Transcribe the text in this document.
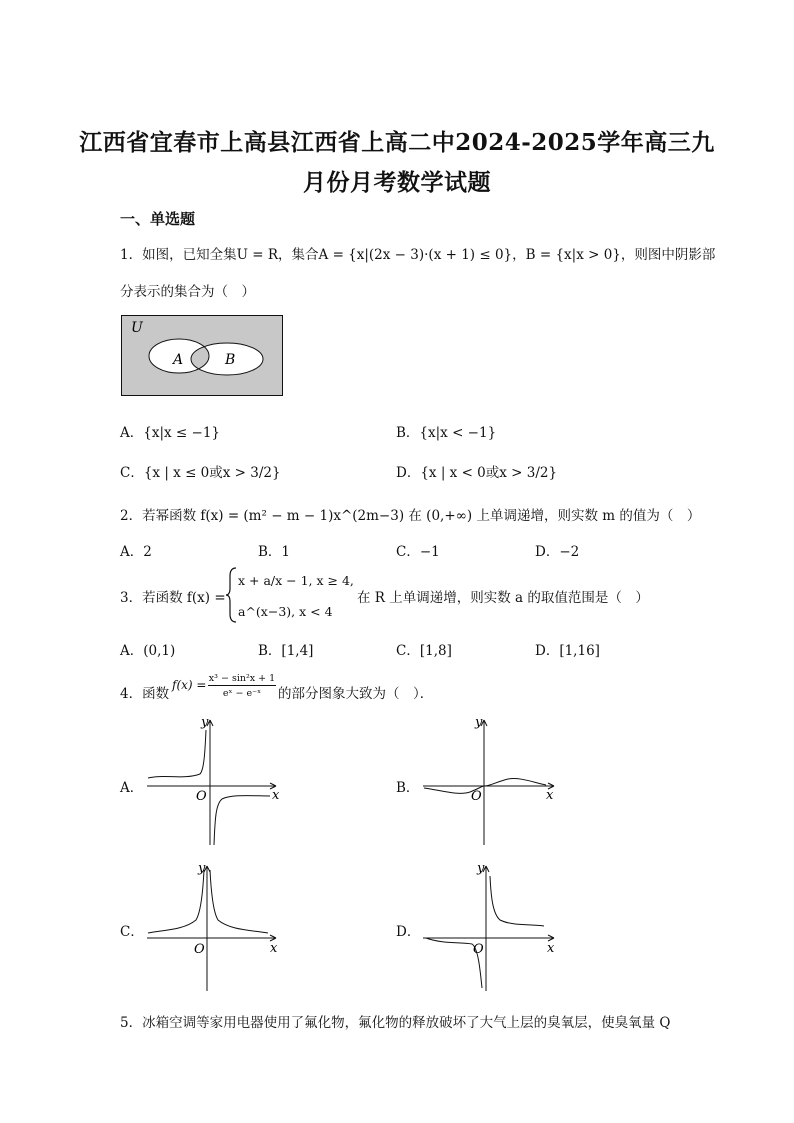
江西省宜春市上高县江西省上高二中2024-2025学年高三九
月份月考数学试题
一、单选题
1．如图，已知全集U = R，集合A = {x|(2x − 3)·(x + 1) ≤ 0}，B = {x|x > 0}，则图中阴影部
分表示的集合为（　）
U
A	B
A．{x|x ≤ −1}	B．{x|x < −1}
C．{x | x ≤ 0或x > 3/2}	D．{x | x < 0或x > 3/2}
2．若幂函数 f(x) = (m² − m − 1)x^(2m−3) 在 (0,+∞) 上单调递增，则实数 m 的值为（　）
A．2	B．1	C．−1	D．−2
3．若函数 f(x) =
x + a/x − 1, x ≥ 4,
a^(x−3), x < 4
在 R 上单调递增，则实数 a 的取值范围是（　）
A．(0,1)	B．[1,4]	C．[1,8]	D．[1,16]
4．函数
f(x) = x³ − sin²x + 1
eˣ − e⁻ˣ	的部分图象大致为（　）．
A．	x
y
O
B．	x
y
O
C．
x
y
O
D．
x
y
O
5．冰箱空调等家用电器使用了氟化物，氟化物的释放破坏了大气上层的臭氧层，使臭氧量 Q
